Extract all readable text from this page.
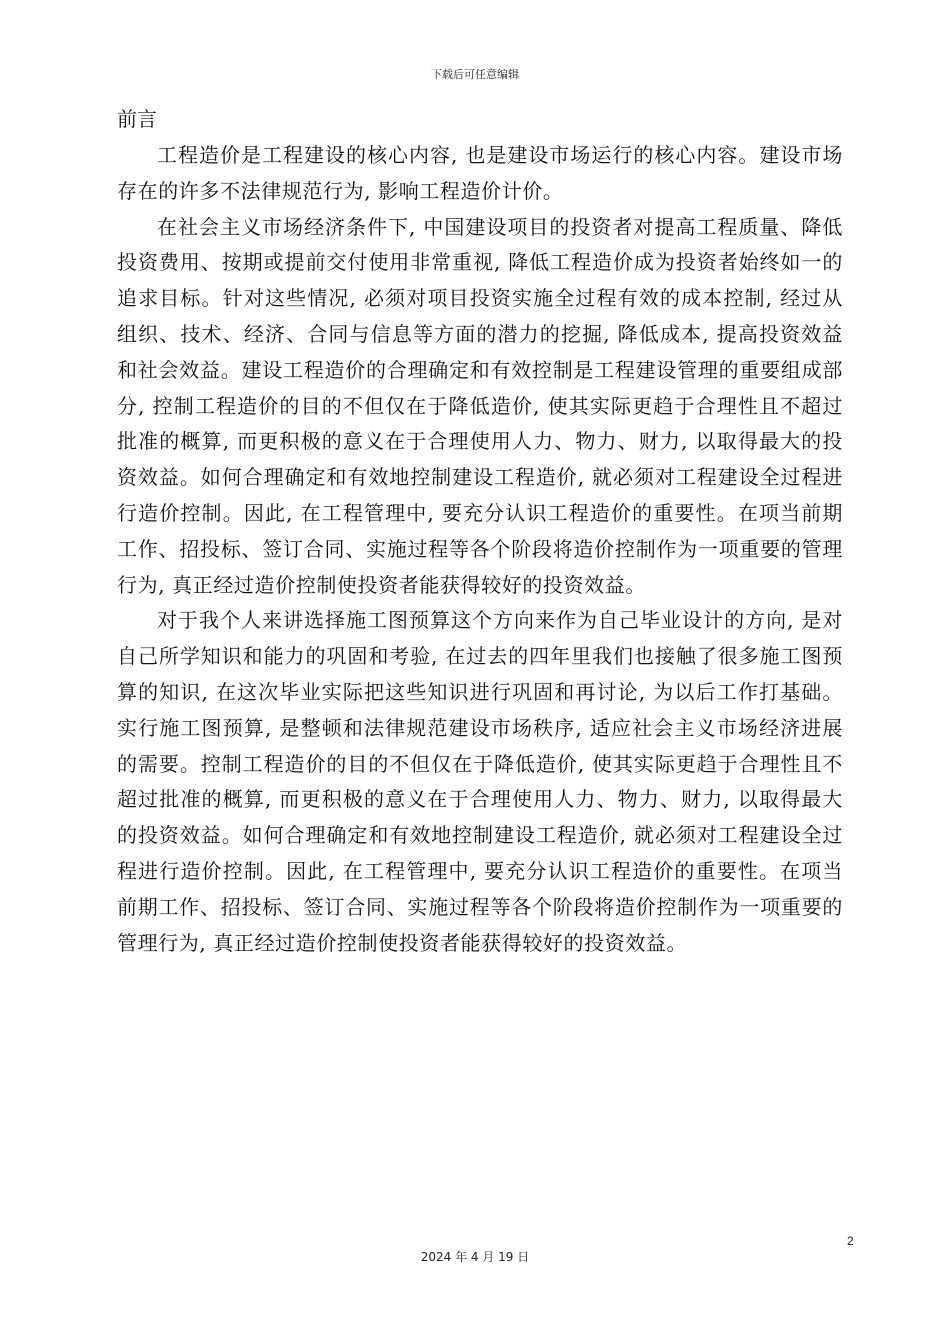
下载后可任意编辑

前言

工程造价是工程建设的核心内容, 也是建设市场运行的核心内容。建设市场存在的许多不法律规范行为, 影响工程造价计价。

在社会主义市场经济条件下, 中国建设项目的投资者对提高工程质量、降低投资费用、按期或提前交付使用非常重视, 降低工程造价成为投资者始终如一的追求目标。针对这些情况, 必须对项目投资实施全过程有效的成本控制, 经过从组织、技术、经济、合同与信息等方面的潜力的挖掘, 降低成本, 提高投资效益和社会效益。建设工程造价的合理确定和有效控制是工程建设管理的重要组成部分, 控制工程造价的目的不但仅在于降低造价, 使其实际更趋于合理性且不超过批准的概算, 而更积极的意义在于合理使用人力、物力、财力, 以取得最大的投资效益。如何合理确定和有效地控制建设工程造价, 就必须对工程建设全过程进行造价控制。因此, 在工程管理中, 要充分认识工程造价的重要性。在项当前期工作、招投标、签订合同、实施过程等各个阶段将造价控制作为一项重要的管理行为, 真正经过造价控制使投资者能获得较好的投资效益。

对于我个人来讲选择施工图预算这个方向来作为自己毕业设计的方向, 是对自己所学知识和能力的巩固和考验, 在过去的四年里我们也接触了很多施工图预算的知识, 在这次毕业实际把这些知识进行巩固和再讨论, 为以后工作打基础。实行施工图预算, 是整顿和法律规范建设市场秩序, 适应社会主义市场经济进展的需要。控制工程造价的目的不但仅在于降低造价, 使其实际更趋于合理性且不超过批准的概算, 而更积极的意义在于合理使用人力、物力、财力, 以取得最大的投资效益。如何合理确定和有效地控制建设工程造价, 就必须对工程建设全过程进行造价控制。因此, 在工程管理中, 要充分认识工程造价的重要性。在项当前期工作、招投标、签订合同、实施过程等各个阶段将造价控制作为一项重要的管理行为, 真正经过造价控制使投资者能获得较好的投资效益。

2
2024 年 4 月 19 日
